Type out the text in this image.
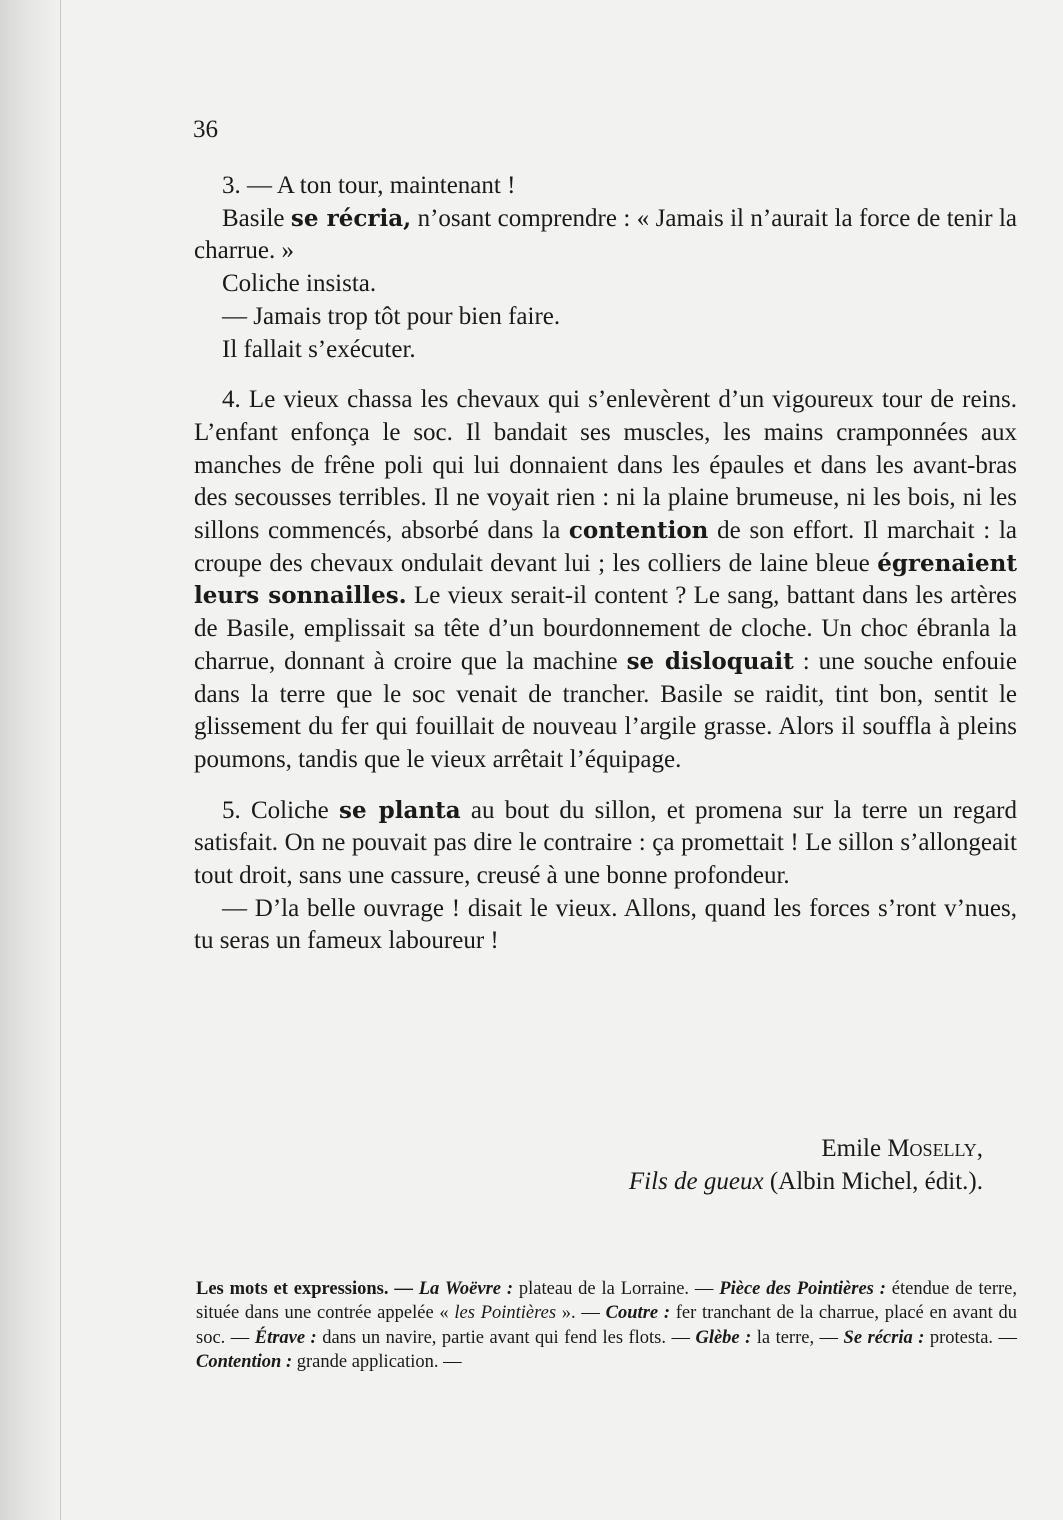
36

3. — A ton tour, maintenant !

Basile se récria, n’osant comprendre : « Jamais il n’aurait la force de tenir la charrue. »

Coliche insista.

— Jamais trop tôt pour bien faire.

Il fallait s’exécuter.

4. Le vieux chassa les chevaux qui s’enlevèrent d’un vigoureux tour de reins. L’enfant enfonça le soc. Il bandait ses muscles, les mains cramponnées aux manches de frêne poli qui lui donnaient dans les épaules et dans les avant-bras des secousses terribles. Il ne voyait rien : ni la plaine brumeuse, ni les bois, ni les sillons commencés, absorbé dans la contention de son effort. Il marchait : la croupe des chevaux ondulait devant lui ; les colliers de laine bleue égrenaient leurs sonnailles. Le vieux serait-il content ? Le sang, battant dans les artères de Basile, emplissait sa tête d’un bourdonnement de cloche. Un choc ébranla la charrue, donnant à croire que la machine se disloquait : une souche enfouie dans la terre que le soc venait de trancher. Basile se raidit, tint bon, sentit le glissement du fer qui fouillait de nouveau l’argile grasse. Alors il souffla à pleins poumons, tandis que le vieux arrêtait l’équipage.

5. Coliche se planta au bout du sillon, et promena sur la terre un regard satisfait. On ne pouvait pas dire le contraire : ça promettait ! Le sillon s’allongeait tout droit, sans une cassure, creusé à une bonne profondeur.

— D’la belle ouvrage ! disait le vieux. Allons, quand les forces s’ront v’nues, tu seras un fameux laboureur !

Emile Moselly,
Fils de gueux (Albin Michel, édit.).
Les mots et expressions. — La Woëvre : plateau de la Lorraine. — Pièce des Pointières : étendue de terre, située dans une contrée appelée « les Pointières ». — Coutre : fer tranchant de la charrue, placé en avant du soc. — Étrave : dans un navire, partie avant qui fend les flots. — Glèbe : la terre, — Se récria : protesta. — Contention : grande application. —
